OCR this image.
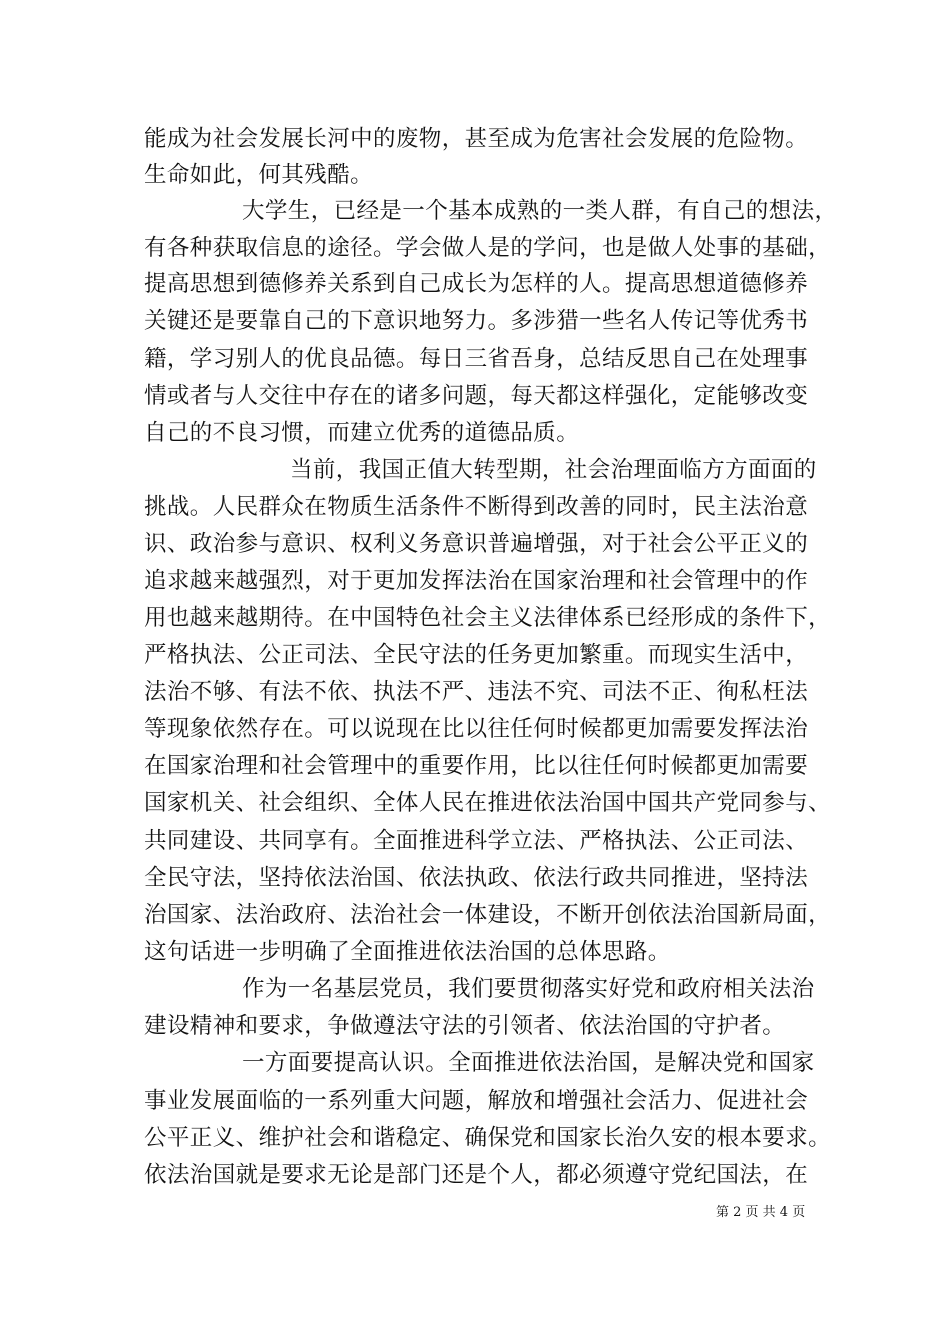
能成为社会发展长河中的废物，甚至成为危害社会发展的危险物。
生命如此，何其残酷。
大学生，已经是一个基本成熟的一类人群，有自己的想法，
有各种获取信息的途径。学会做人是的学问，也是做人处事的基础，
提高思想到德修养关系到自己成长为怎样的人。提高思想道德修养
关键还是要靠自己的下意识地努力。多涉猎一些名人传记等优秀书
籍，学习别人的优良品德。每日三省吾身，总结反思自己在处理事
情或者与人交往中存在的诸多问题，每天都这样强化，定能够改变
自己的不良习惯，而建立优秀的道德品质。
当前，我国正值大转型期，社会治理面临方方面面的
挑战。人民群众在物质生活条件不断得到改善的同时，民主法治意
识、政治参与意识、权利义务意识普遍增强，对于社会公平正义的
追求越来越强烈，对于更加发挥法治在国家治理和社会管理中的作
用也越来越期待。在中国特色社会主义法律体系已经形成的条件下，
严格执法、公正司法、全民守法的任务更加繁重。而现实生活中，
法治不够、有法不依、执法不严、违法不究、司法不正、徇私枉法
等现象依然存在。可以说现在比以往任何时候都更加需要发挥法治
在国家治理和社会管理中的重要作用，比以往任何时候都更加需要
国家机关、社会组织、全体人民在推进依法治国中国共产党同参与、
共同建设、共同享有。全面推进科学立法、严格执法、公正司法、
全民守法，坚持依法治国、依法执政、依法行政共同推进，坚持法
治国家、法治政府、法治社会一体建设，不断开创依法治国新局面，
这句话进一步明确了全面推进依法治国的总体思路。
作为一名基层党员，我们要贯彻落实好党和政府相关法治
建设精神和要求，争做遵法守法的引领者、依法治国的守护者。
一方面要提高认识。全面推进依法治国，是解决党和国家
事业发展面临的一系列重大问题，解放和增强社会活力、促进社会
公平正义、维护社会和谐稳定、确保党和国家长治久安的根本要求。
依法治国就是要求无论是部门还是个人，都必须遵守党纪国法，在
第 2 页 共 4 页
